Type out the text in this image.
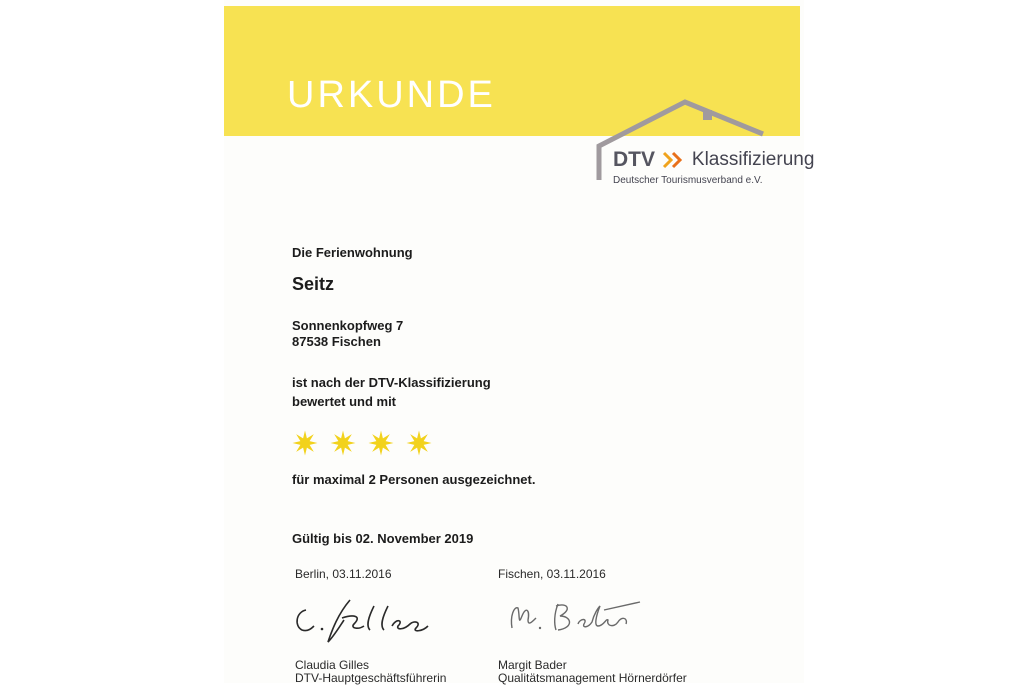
URKUNDE
DTV Klassifizierung
Deutscher Tourismusverband e.V.

Die Ferienwohnung

Seitz

Sonnenkopfweg 7

87538 Fischen

ist nach der DTV-Klassifizierung

bewertet und mit

für maximal 2 Personen ausgezeichnet.

Gültig bis 02. November 2019

Berlin, 03.11.2016	Fischen, 03.11.2016

Claudia Gilles

DTV-Hauptgeschäftsführerin

Margit Bader

Qualitätsmanagement Hörnerdörfer
